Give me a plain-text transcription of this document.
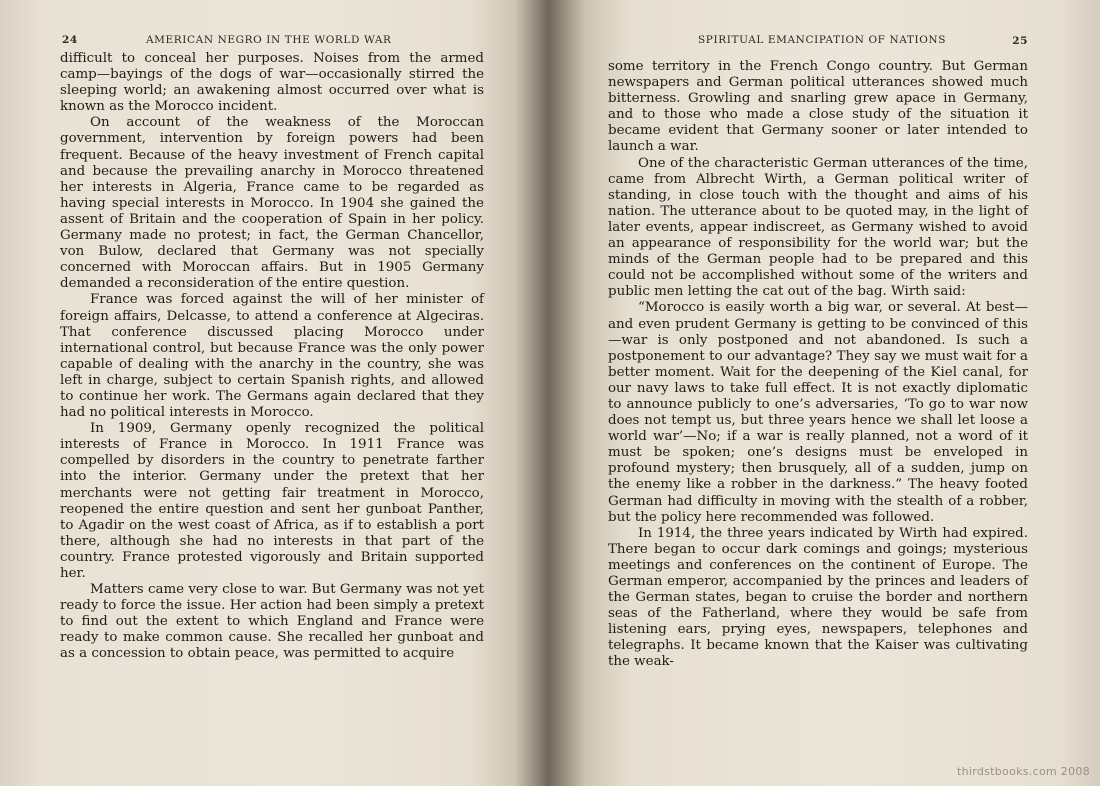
24	AMERICAN NEGRO IN THE WORLD WAR

difficult to conceal her purposes. Noises from the armed camp—bayings of the dogs of war—occasionally stirred the sleeping world; an awakening almost occurred over what is known as the Morocco incident.

On account of the weakness of the Moroccan government, intervention by foreign powers had been frequent. Because of the heavy investment of French capital and because the prevailing anarchy in Morocco threatened her interests in Algeria, France came to be regarded as having special interests in Morocco. In 1904 she gained the assent of Britain and the cooperation of Spain in her policy. Germany made no protest; in fact, the German Chancellor, von Bulow, declared that Germany was not specially concerned with Moroccan affairs. But in 1905 Germany demanded a reconsideration of the entire question.

France was forced against the will of her minister of foreign affairs, Delcasse, to attend a conference at Algeciras. That conference discussed placing Morocco under international control, but because France was the only power capable of dealing with the anarchy in the country, she was left in charge, subject to certain Spanish rights, and allowed to continue her work. The Germans again declared that they had no political interests in Morocco.

In 1909, Germany openly recognized the political interests of France in Morocco. In 1911 France was compelled by disorders in the country to penetrate farther into the interior. Germany under the pretext that her merchants were not getting fair treatment in Morocco, reopened the entire question and sent her gunboat Panther, to Agadir on the west coast of Africa, as if to establish a port there, although she had no interests in that part of the country. France protested vigorously and Britain supported her.

Matters came very close to war. But Germany was not yet ready to force the issue. Her action had been simply a pretext to find out the extent to which England and France were ready to make common cause. She recalled her gunboat and as a concession to obtain peace, was permitted to acquire

SPIRITUAL EMANCIPATION OF NATIONS	25

some territory in the French Congo country. But German newspapers and German political utterances showed much bitterness. Growling and snarling grew apace in Germany, and to those who made a close study of the situation it became evident that Germany sooner or later intended to launch a war.

One of the characteristic German utterances of the time, came from Albrecht Wirth, a German political writer of standing, in close touch with the thought and aims of his nation. The utterance about to be quoted may, in the light of later events, appear indiscreet, as Germany wished to avoid an appearance of responsibility for the world war; but the minds of the German people had to be prepared and this could not be accomplished without some of the writers and public men letting the cat out of the bag. Wirth said:

“Morocco is easily worth a big war, or several. At best—and even prudent Germany is getting to be convinced of this—war is only postponed and not abandoned. Is such a postponement to our advantage? They say we must wait for a better moment. Wait for the deepening of the Kiel canal, for our navy laws to take full effect. It is not exactly diplomatic to announce publicly to one’s adversaries, ‘To go to war now does not tempt us, but three years hence we shall let loose a world war’—No; if a war is really planned, not a word of it must be spoken; one’s designs must be enveloped in profound mystery; then brusquely, all of a sudden, jump on the enemy like a robber in the darkness.” The heavy footed German had difficulty in moving with the stealth of a robber, but the policy here recommended was followed.

In 1914, the three years indicated by Wirth had expired. There began to occur dark comings and goings; mysterious meetings and conferences on the continent of Europe. The German emperor, accompanied by the princes and leaders of the German states, began to cruise the border and northern seas of the Fatherland, where they would be safe from listening ears, prying eyes, newspapers, telephones and telegraphs. It became known that the Kaiser was cultivating the weak-

thirdstbooks.com 2008
